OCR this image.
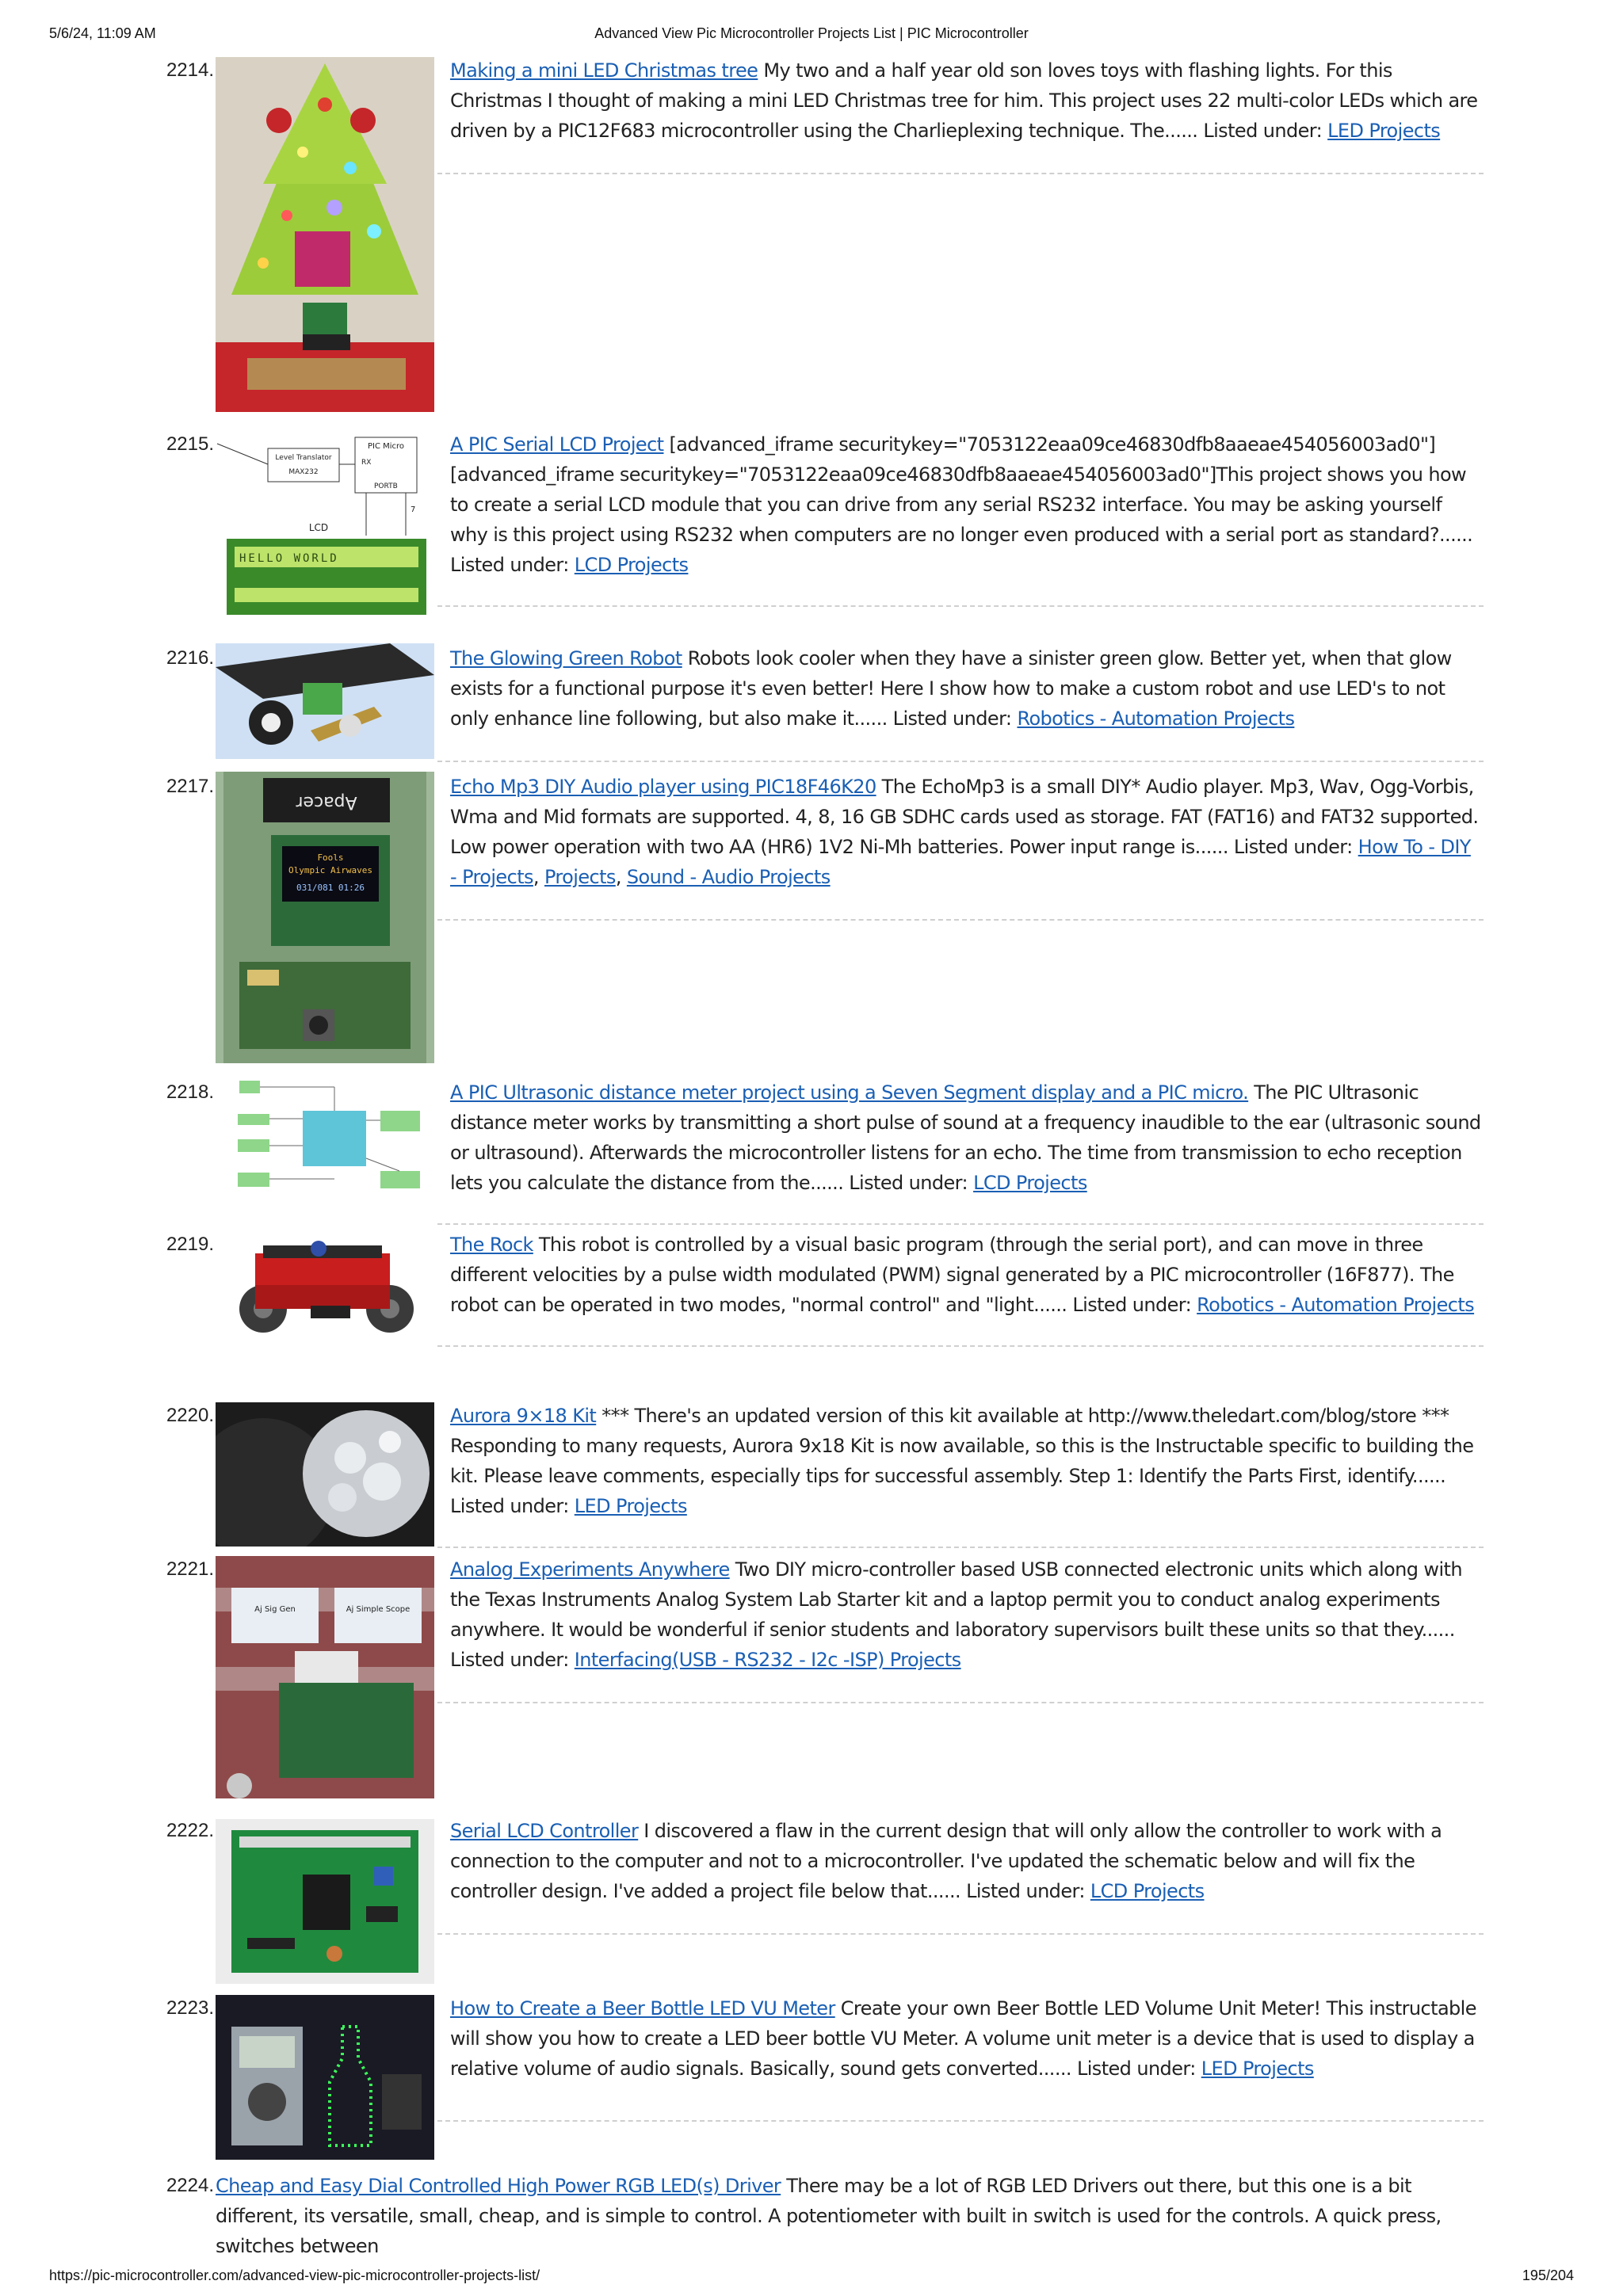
5/6/24, 11:09 AM	Advanced View Pic Microcontroller Projects List | PIC Microcontroller
2214.	Making a mini LED Christmas tree My two and a half year old son loves toys with flashing lights. For this Christmas I thought of making a mini LED Christmas tree for him. This project uses 22 multi-color LEDs which are driven by a PIC12F683 microcontroller using the Charlieplexing technique. The...... Listed under: LED Projects
2215.
Level Translator
MAX232
PIC Micro
RX
PORTB
7
LCD
HELLO WORLD
A PIC Serial LCD Project [advanced_iframe securitykey="7053122eaa09ce46830dfb8aaeae454056003ad0"] [advanced_iframe securitykey="7053122eaa09ce46830dfb8aaeae454056003ad0"]This project shows you how to create a serial LCD module that you can drive from any serial RS232 interface. You may be asking yourself why is this project using RS232 when computers are no longer even produced with a serial port as standard?...... Listed under: LCD Projects
2216.	The Glowing Green Robot Robots look cooler when they have a sinister green glow. Better yet, when that glow exists for a functional purpose it's even better! Here I show how to make a custom robot and use LED's to not only enhance line following, but also make it...... Listed under: Robotics - Automation Projects
2217.
Apacer
Fools
Olympic Airwaves
031/081 01:26
Echo Mp3 DIY Audio player using PIC18F46K20 The EchoMp3 is a small DIY* Audio player. Mp3, Wav, Ogg-Vorbis, Wma and Mid formats are supported. 4, 8, 16 GB SDHC cards used as storage. FAT (FAT16) and FAT32 supported. Low power operation with two AA (HR6) 1V2 Ni-Mh batteries. Power input range is...... Listed under: How To - DIY - Projects, Projects, Sound - Audio Projects
2218.	A PIC Ultrasonic distance meter project using a Seven Segment display and a PIC micro. The PIC Ultrasonic distance meter works by transmitting a short pulse of sound at a frequency inaudible to the ear (ultrasonic sound or ultrasound). Afterwards the microcontroller listens for an echo. The time from transmission to echo reception lets you calculate the distance from the...... Listed under: LCD Projects
2219.	The Rock This robot is controlled by a visual basic program (through the serial port), and can move in three different velocities by a pulse width modulated (PWM) signal generated by a PIC microcontroller (16F877). The robot can be operated in two modes, "normal control" and "light...... Listed under: Robotics - Automation Projects
2220.	Aurora 9×18 Kit *** There's an updated version of this kit available at http://www.theledart.com/blog/store *** Responding to many requests, Aurora 9x18 Kit is now available, so this is the Instructable specific to building the kit. Please leave comments, especially tips for successful assembly. Step 1: Identify the Parts First, identify...... Listed under: LED Projects
2221.
Aj Sig Gen	Aj Simple Scope
Analog Experiments Anywhere Two DIY micro-controller based USB connected electronic units which along with the Texas Instruments Analog System Lab Starter kit and a laptop permit you to conduct analog experiments anywhere. It would be wonderful if senior students and laboratory supervisors built these units so that they...... Listed under: Interfacing(USB - RS232 - I2c -ISP) Projects
2222.	Serial LCD Controller I discovered a flaw in the current design that will only allow the controller to work with a connection to the computer and not to a microcontroller. I've updated the schematic below and will fix the controller design. I've added a project file below that...... Listed under: LCD Projects
2223.	How to Create a Beer Bottle LED VU Meter Create your own Beer Bottle LED Volume Unit Meter! This instructable will show you how to create a LED beer bottle VU Meter. A volume unit meter is a device that is used to display a relative volume of audio signals. Basically, sound gets converted...... Listed under: LED Projects
2224. Cheap and Easy Dial Controlled High Power RGB LED(s) Driver There may be a lot of RGB LED Drivers out there, but this one is a bit different, its versatile, small, cheap, and is simple to control. A potentiometer with built in switch is used for the controls. A quick press, switches between
https://pic-microcontroller.com/advanced-view-pic-microcontroller-projects-list/	195/204
